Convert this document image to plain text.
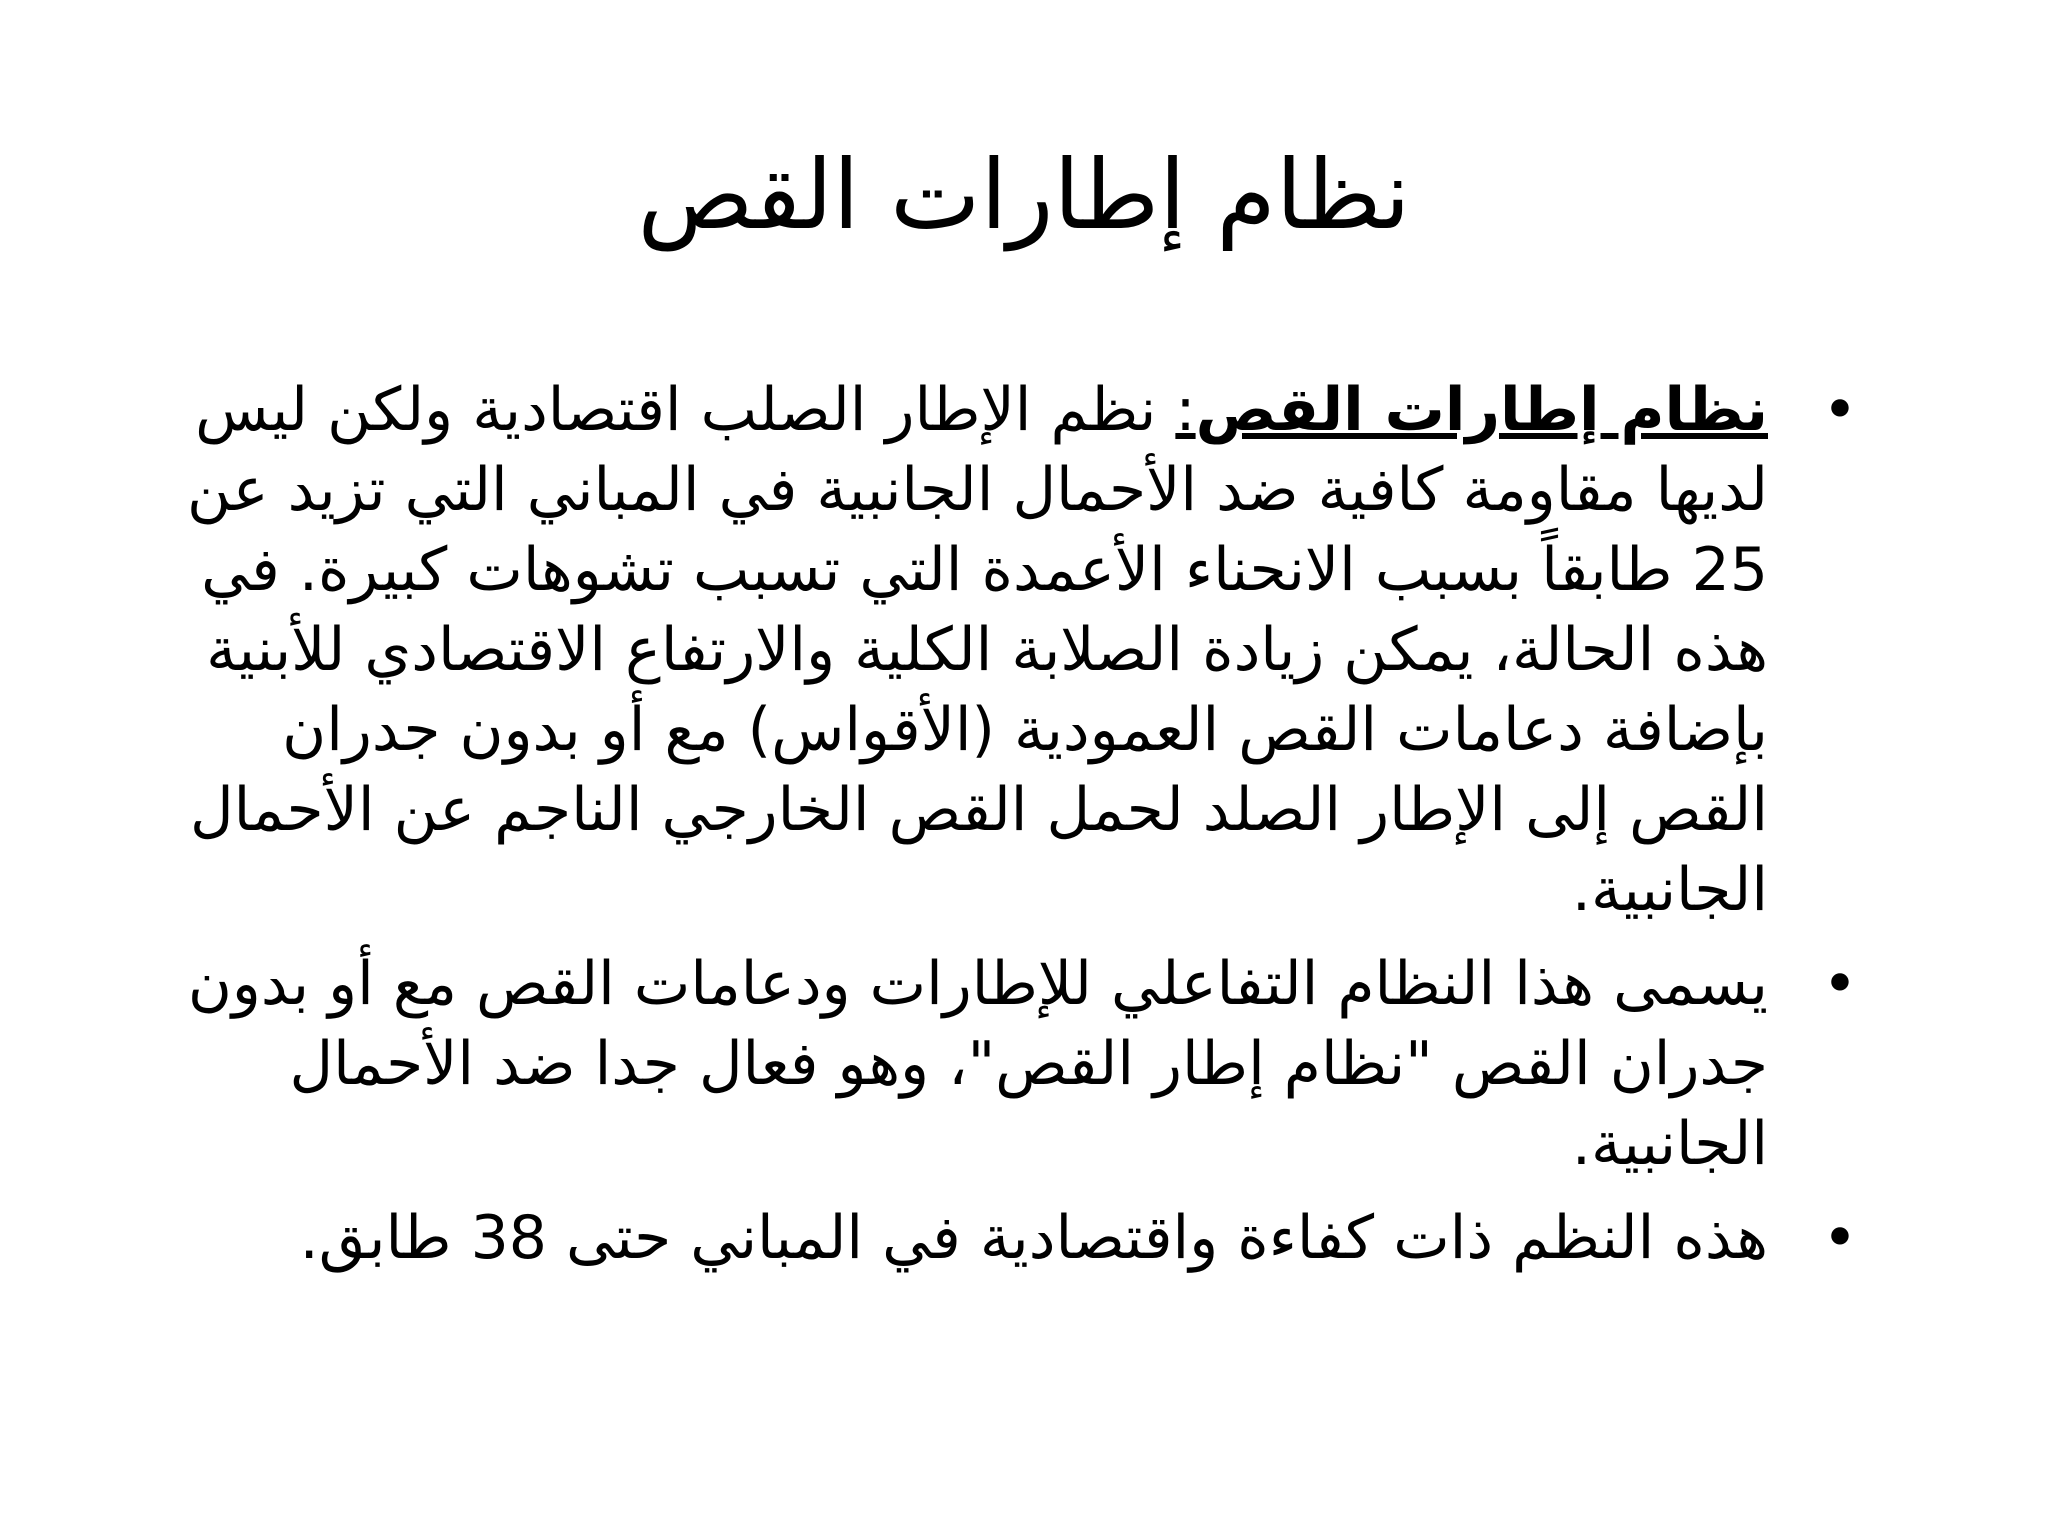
نظام إطارات القص
•
نظام إطارات القص: نظم الإطار الصلب اقتصادية ولكن ليس لديها مقاومة كافية ضد الأحمال الجانبية في المباني التي تزيد عن 25 طابقاً بسبب الانحناء الأعمدة التي تسبب تشوهات كبيرة. في هذه الحالة، يمكن زيادة الصلابة الكلية والارتفاع الاقتصادي للأبنية بإضافة دعامات القص العمودية (الأقواس) مع أو بدون جدران القص إلى الإطار الصلد لحمل القص الخارجي الناجم عن الأحمال الجانبية.
•
يسمى هذا النظام التفاعلي للإطارات ودعامات القص مع أو بدون جدران القص "نظام إطار القص"، وهو فعال جدا ضد الأحمال الجانبية.
•
هذه النظم ذات كفاءة واقتصادية في المباني حتى 38 طابق.
